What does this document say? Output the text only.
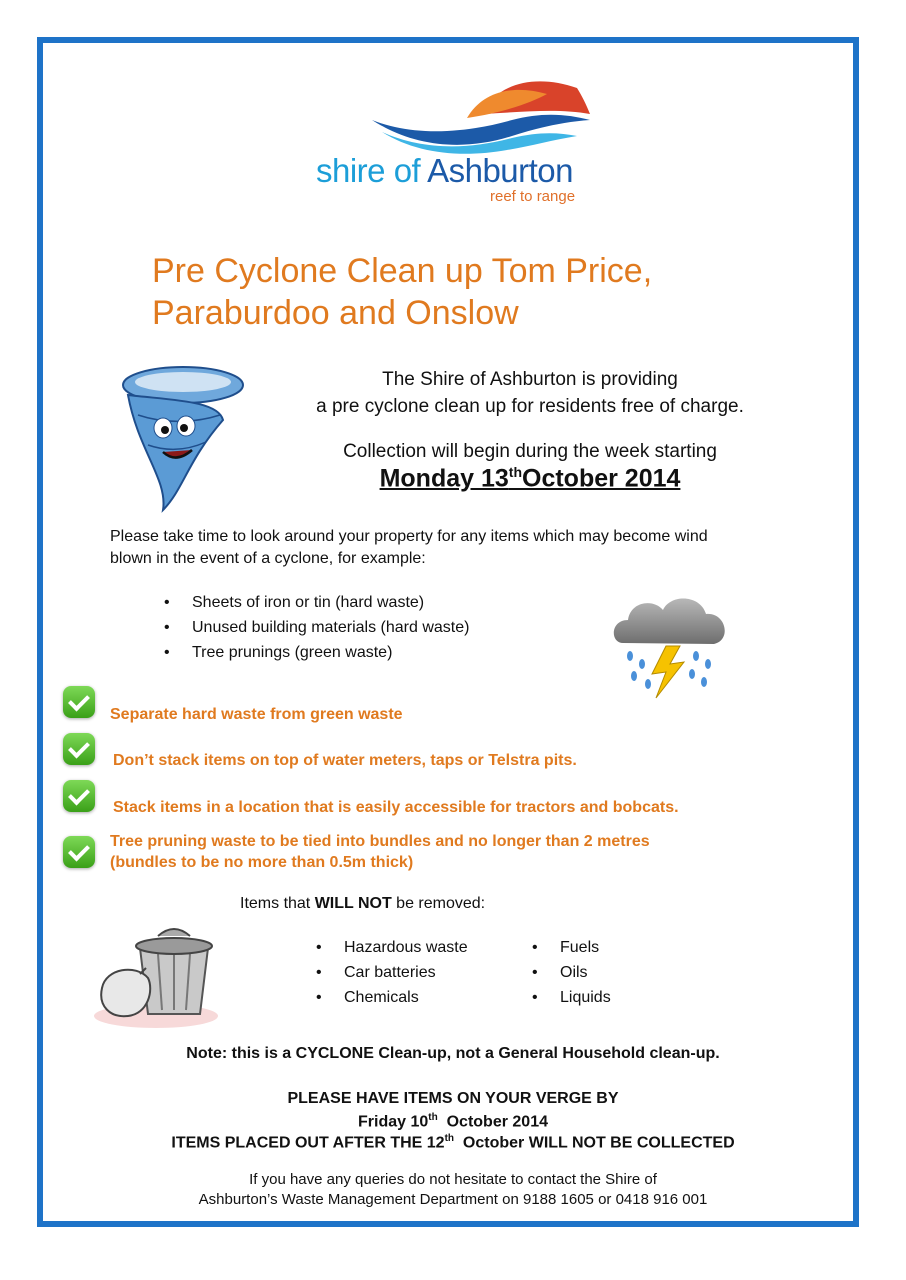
shire of Ashburton
reef to range
Pre Cyclone Clean up Tom Price,
Paraburdoo and Onslow
The Shire of Ashburton is providing
a pre cyclone clean up for residents free of charge.
Collection will begin during the week starting
Monday 13thOctober 2014
Please take time to look around your property for any items which may become wind
blown in the event of a cyclone, for example:
• Sheets of iron or tin (hard waste)
• Unused building materials (hard waste)
• Tree prunings (green waste)
Separate hard waste from green waste
Don’t stack items on top of water meters, taps or Telstra pits.
Stack items in a location that is easily accessible for tractors and bobcats.
Tree pruning waste to be tied into bundles and no longer than 2 metres
(bundles to be no more than 0.5m thick)
Items that WILL NOT be removed:
• Hazardous waste
• Car batteries
• Chemicals
• Fuels
• Oils
• Liquids
Note: this is a CYCLONE Clean-up, not a General Household clean-up.
PLEASE HAVE ITEMS ON YOUR VERGE BY
Friday 10th  October 2014
ITEMS PLACED OUT AFTER THE 12th  October WILL NOT BE COLLECTED
If you have any queries do not hesitate to contact the Shire of
Ashburton’s Waste Management Department on 9188 1605 or 0418 916 001
